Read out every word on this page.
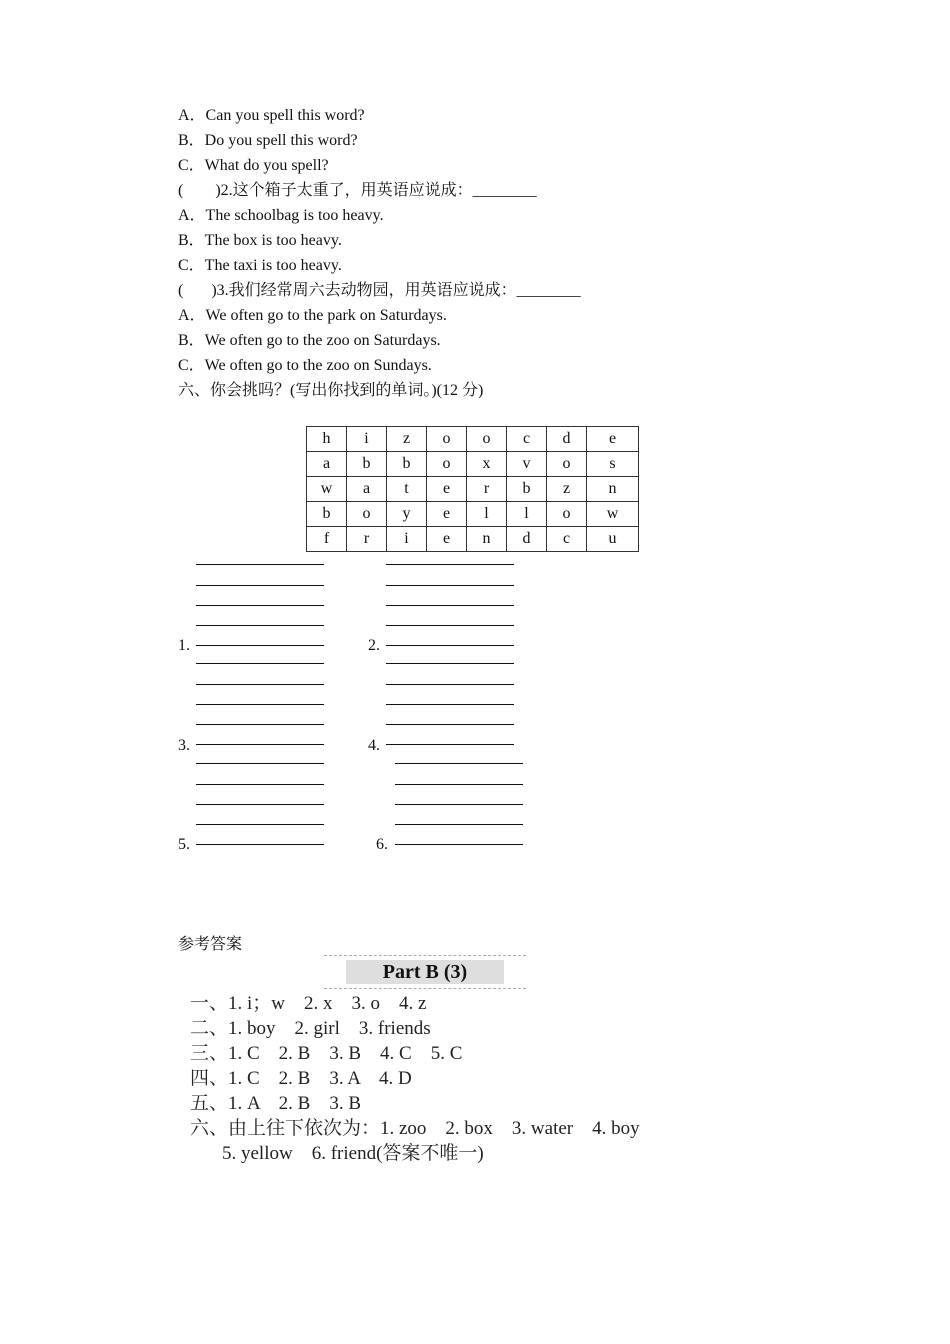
A．Can you spell this word?
B．Do you spell this word?
C．What do you spell?
(        )2.这个箱子太重了，用英语应说成：________
A．The schoolbag is too heavy.
B．The box is too heavy.
C．The taxi is too heavy.
(       )3.我们经常周六去动物园，用英语应说成：________
A．We often go to the park on Saturdays.
B．We often go to the zoo on Saturdays.
C．We often go to the zoo on Sundays.
六、你会挑吗？(写出你找到的单词。)(12 分)
h	i	z	o	o	c	d	e
a	b	b	o	x	v	o	s
w	a	t	e	r	b	z	n
b	o	y	e	l	l	o	w
f	r	i	e	n	d	c	u
1.	2.
3.	4.
5.	6.
参考答案
Part B (3)
一、1. i；w    2. x    3. o    4. z
二、1. boy    2. girl    3. friends
三、1. C    2. B    3. B    4. C    5. C
四、1. C    2. B    3. A    4. D
五、1. A    2. B    3. B
六、由上往下依次为：1. zoo    2. box    3. water    4. boy
5. yellow    6. friend(答案不唯一)
